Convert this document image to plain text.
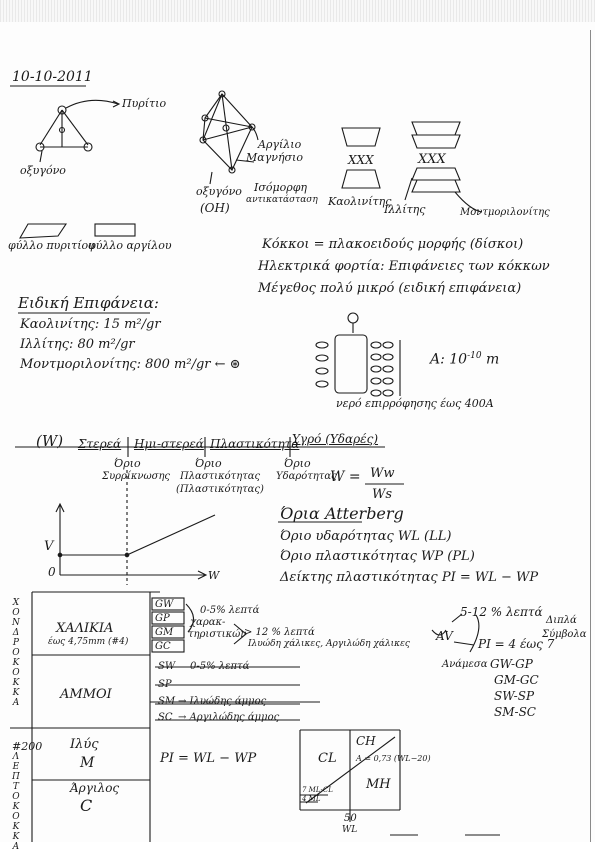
10-10-2011
Πυρίτιο
οξυγόνο
Αργίλιο
Μαγνήσιο
οξυγόνο
(OH)
Ισόμορφη
αντικατάσταση
XXX	XXX
Καολινίτης
Ιλλίτης	Μοντμοριλονίτης
φύλλο πυριτίου
φύλλο αργίλου	Κόκκοι = πλακοειδούς μορφής (δίσκοι)
Ηλεκτρικά φορτία: Επιφάνειες των κόκκων
Μέγεθος πολύ μικρό (ειδική επιφάνεια)
Ειδική Επιφάνεια:
Καολινίτης: 15 m²/gr
Ιλλίτης: 80 m²/gr
Μοντμοριλονίτης: 800 m²/gr ← ⊛	A: $10^{-10}$ m
νερό επιρρόφησης έως 400Α
(W) Στερεά Ημι-στερεά Πλαστικότητα
Υγρό (Υδαρές)
Όριο
Συρρίκνωσης
Όριο
Πλαστικότητας
(Πλαστικότητας)
Όριο
Υδαρότητας
W = Ww
Ws
V
0	W
Όρια Atterberg
Όριο υδαρότητας WL (LL)
Όριο πλαστικότητας WP (PL)
Δείκτης πλαστικότητας PI = WL − WP
Χ
Ο
Ν
Δ
Ρ
Ο
Κ
Ο
Κ
Κ
Α
#200
Λ
Ε
Π
Τ
Ο
Κ
Ο
Κ
Κ
Α
ΧΑΛΙΚΙΑ
έως 4,75mm (#4)
ΑΜΜΟΙ
GW
GP
GM
GC
0-5% λεπτά
χαρακ-
τηριστικών
> 12 % λεπτά
Ιλυώδη χάλικες, Αργιλώδη χάλικες
SW
SP
SM
SC
0-5% λεπτά
→ Ιλυώδης άμμος
→ Αργιλώδης άμμος
5-12 % λεπτά
AV
PI = 4 έως 7
Διπλά
Σύμβολα
Ανάμεσα GW-GP
GM-GC
SW-SP
SM-SC
Ιλύς
M
Άργιλος
C
PI = WL − WP	CL
CH
MH
A = 0,73 (WL−20)
7 ML-CL
4 ML
50
WL
